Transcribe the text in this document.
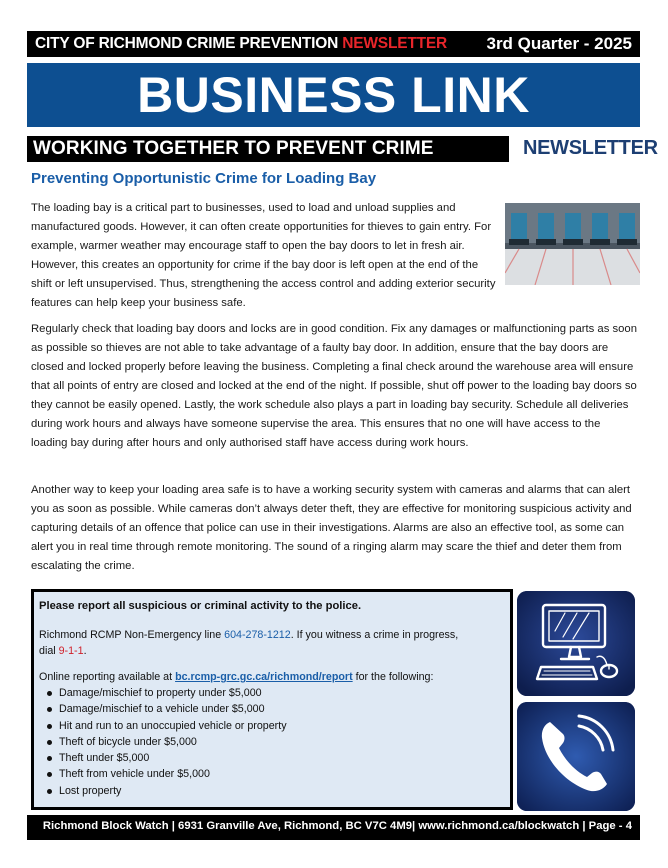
CITY OF RICHMOND CRIME PREVENTION NEWSLETTER 3rd Quarter - 2025
BUSINESS LINK
WORKING TOGETHER TO PREVENT CRIME	NEWSLETTER
Preventing Opportunistic Crime for Loading Bay
The loading bay is a critical part to businesses, used to load and unload supplies and manufactured goods. However, it can often create opportunities for thieves to gain entry. For example, warmer weather may encourage staff to open the bay doors to let in fresh air. However, this creates an opportunity for crime if the bay door is left open at the end of the shift or left unsupervised. Thus, strengthening the access control and adding exterior security features can help keep your business safe.
Regularly check that loading bay doors and locks are in good condition. Fix any damages or malfunctioning parts as soon as possible so thieves are not able to take advantage of a faulty bay door. In addition, ensure that the bay doors are closed and locked properly before leaving the business. Completing a final check around the warehouse area will ensure that all points of entry are closed and locked at the end of the night. If possible, shut off power to the loading bay doors so they cannot be easily opened. Lastly, the work schedule also plays a part in loading bay security. Schedule all deliveries during work hours and always have someone supervise the area. This ensures that no one will have access to the loading bay during after hours and only authorised staff have access during work hours.
Another way to keep your loading area safe is to have a working security system with cameras and alarms that can alert you as soon as possible. While cameras don’t always deter theft, they are effective for monitoring suspicious activity and capturing details of an offence that police can use in their investigations. Alarms are also an effective tool, as some can alert you in real time through remote monitoring. The sound of a ringing alarm may scare the thief and deter them from escalating the crime.
Please report all suspicious or criminal activity to the police.
Richmond RCMP Non-Emergency line 604-278-1212. If you witness a crime in progress,
dial 9-1-1.
Online reporting available at bc.rcmp-grc.gc.ca/richmond/report for the following:
Damage/mischief to property under $5,000
Damage/mischief to a vehicle under $5,000
Hit and run to an unoccupied vehicle or property
Theft of bicycle under $5,000
Theft under $5,000
Theft from vehicle under $5,000
Lost property
Richmond Block Watch | 6931 Granville Ave, Richmond, BC V7C 4M9| www.richmond.ca/blockwatch | Page - 4
